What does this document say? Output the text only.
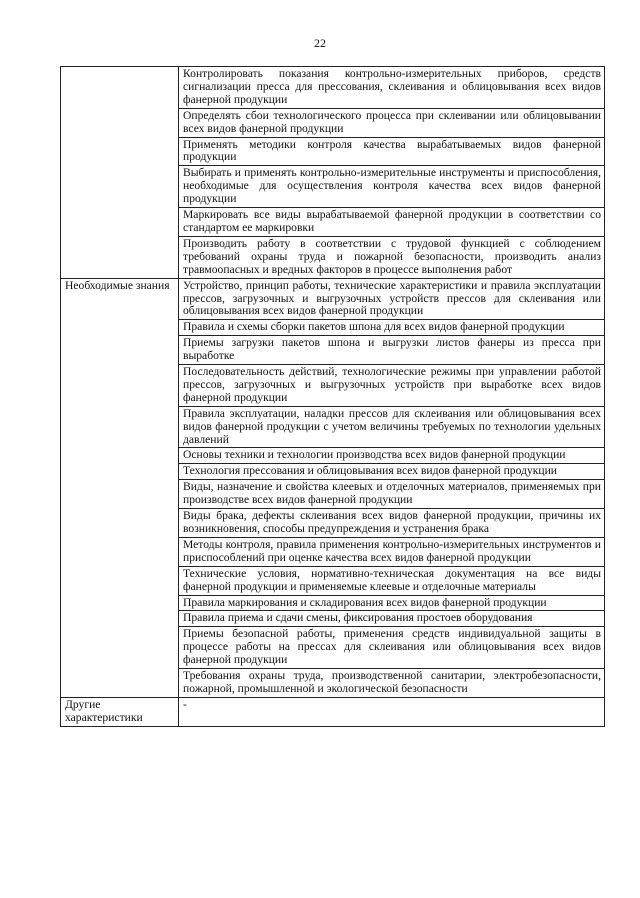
22

	Контролировать показания контрольно-измерительных приборов, средств сигнализации пресса для прессования, склеивания и облицовывания всех видов фанерной продукции

	Определять сбои технологического процесса при склеивании или облицовывании всех видов фанерной продукции

	Применять методики контроля качества вырабатываемых видов фанерной продукции

	Выбирать и применять контрольно-измерительные инструменты и приспособления, необходимые для осуществления контроля качества всех видов фанерной продукции

	Маркировать все виды вырабатываемой фанерной продукции в соответствии со стандартом ее маркировки

	Производить работу в соответствии с трудовой функцией с соблюдением требований охраны труда и пожарной безопасности, производить анализ травмоопасных и вредных факторов в процессе выполнения работ

Необходимые знания	Устройство, принцип работы, технические характеристики и правила эксплуатации прессов, загрузочных и выгрузочных устройств прессов для склеивания или облицовывания всех видов фанерной продукции

	Правила и схемы сборки пакетов шпона для всех видов фанерной продукции

	Приемы загрузки пакетов шпона и выгрузки листов фанеры из пресса при выработке

	Последовательность действий, технологические режимы при управлении работой прессов, загрузочных и выгрузочных устройств при выработке всех видов фанерной продукции

	Правила эксплуатации, наладки прессов для склеивания или облицовывания всех видов фанерной продукции с учетом величины требуемых по технологии удельных давлений

	Основы техники и технологии производства всех видов фанерной продукции

	Технология прессования и облицовывания всех видов фанерной продукции

	Виды, назначение и свойства клеевых и отделочных материалов, применяемых при производстве всех видов фанерной продукции

	Виды брака, дефекты склеивания всех видов фанерной продукции, причины их возникновения, способы предупреждения и устранения брака

	Методы контроля, правила применения контрольно-измерительных инструментов и приспособлений при оценке качества всех видов фанерной продукции

	Технические условия, нормативно-техническая документация на все виды фанерной продукции и применяемые клеевые и отделочные материалы

	Правила маркирования и складирования всех видов фанерной продукции

	Правила приема и сдачи смены, фиксирования простоев оборудования

	Приемы безопасной работы, применения средств индивидуальной защиты в процессе работы на прессах для склеивания или облицовывания всех видов фанерной продукции

	Требования охраны труда, производственной санитарии, электробезопасности, пожарной, промышленной и экологической безопасности

Другие характеристики	-
